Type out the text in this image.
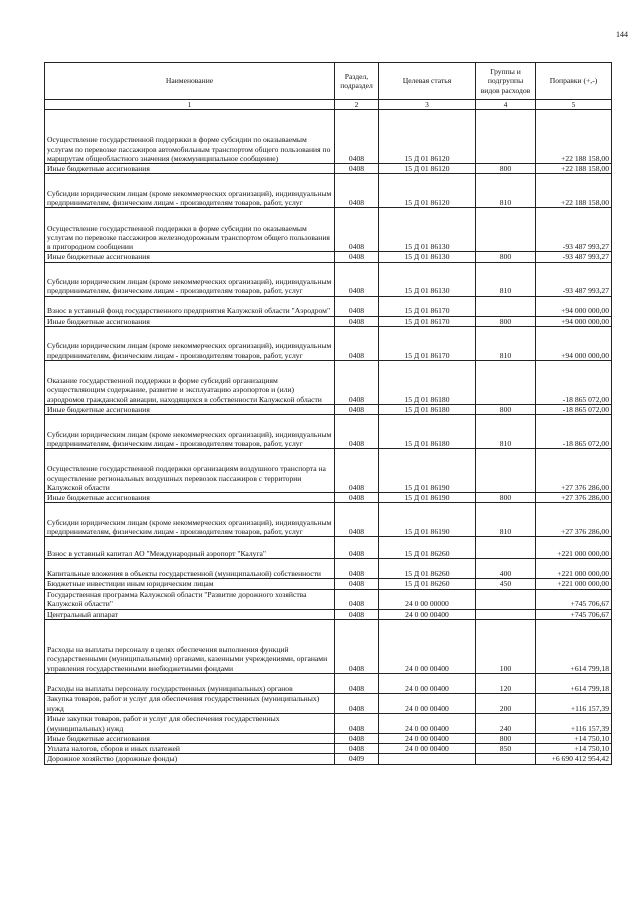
144
Наименование	Раздел, подраздел	Целевая статья	Группы и подгруппы видов расходов	Поправки (+,-)
1	2	3	4	5
Осуществление государственной поддержки в форме субсидии по оказываемым услугам по перевозке пассажиров автомобильным транспортом общего пользования по маршрутам общеобластного значения (межмуниципальное сообщение)	0408	15 Д 01 86120		+22 188 158,00
Иные бюджетные ассигнования	0408	15 Д 01 86120	800	+22 188 158,00
Субсидии юридическим лицам (кроме некоммерческих организаций), индивидуальным предпринимателям, физическим лицам - производителям товаров, работ, услуг	0408	15 Д 01 86120	810	+22 188 158,00
Осуществление государственной поддержки в форме субсидии по оказываемым услугам по перевозке пассажиров железнодорожным транспортом общего пользования в пригородном сообщении	0408	15 Д 01 86130		-93 487 993,27
Иные бюджетные ассигнования	0408	15 Д 01 86130	800	-93 487 993,27
Субсидии юридическим лицам (кроме некоммерческих организаций), индивидуальным предпринимателям, физическим лицам - производителям товаров, работ, услуг	0408	15 Д 01 86130	810	-93 487 993,27
Взнос в уставный фонд государственного предприятия Калужской области "Аэродром"	0408	15 Д 01 86170		+94 000 000,00
Иные бюджетные ассигнования	0408	15 Д 01 86170	800	+94 000 000,00
Субсидии юридическим лицам (кроме некоммерческих организаций), индивидуальным предпринимателям, физическим лицам - производителям товаров, работ, услуг	0408	15 Д 01 86170	810	+94 000 000,00
Оказание государственной поддержки в форме субсидий организациям осуществляющим содержание, развитие и эксплуатацию аэропортов и (или) аэродромов гражданской авиации, находящихся в собственности Калужской области	0408	15 Д 01 86180		-18 865 072,00
Иные бюджетные ассигнования	0408	15 Д 01 86180	800	-18 865 072,00
Субсидии юридическим лицам (кроме некоммерческих организаций), индивидуальным предпринимателям, физическим лицам - производителям товаров, работ, услуг	0408	15 Д 01 86180	810	-18 865 072,00
Осуществление государственной поддержки организациям воздушного транспорта на осуществление региональных воздушных перевозок пассажиров с территории Калужской области	0408	15 Д 01 86190		+27 376 286,00
Иные бюджетные ассигнования	0408	15 Д 01 86190	800	+27 376 286,00
Субсидии юридическим лицам (кроме некоммерческих организаций), индивидуальным предпринимателям, физическим лицам - производителям товаров, работ, услуг	0408	15 Д 01 86190	810	+27 376 286,00
Взнос в уставный капитал АО "Международный аэропорт "Калуга"	0408	15 Д 01 86260		+221 000 000,00
Капитальные вложения в объекты государственной (муниципальной) собственности	0408	15 Д 01 86260	400	+221 000 000,00
Бюджетные инвестиции иным юридическим лицам	0408	15 Д 01 86260	450	+221 000 000,00
Государственная программа Калужской области "Развитие дорожного хозяйства Калужской области"	0408	24 0 00 00000		+745 706,67
Центральный аппарат	0408	24 0 00 00400		+745 706,67
Расходы на выплаты персоналу в целях обеспечения выполнения функций государственными (муниципальными) органами, казенными учреждениями, органами управления государственными внебюджетными фондами	0408	24 0 00 00400	100	+614 799,18
Расходы на выплаты персоналу государственных (муниципальных) органов	0408	24 0 00 00400	120	+614 799,18
Закупка товаров, работ и услуг для обеспечения государственных (муниципальных) нужд	0408	24 0 00 00400	200	+116 157,39
Иные закупки товаров, работ и услуг для обеспечения государственных (муниципальных) нужд	0408	24 0 00 00400	240	+116 157,39
Иные бюджетные ассигнования	0408	24 0 00 00400	800	+14 750,10
Уплата налогов, сборов и иных платежей	0408	24 0 00 00400	850	+14 750,10
Дорожное хозяйство (дорожные фонды)	0409			+6 690 412 954,42
